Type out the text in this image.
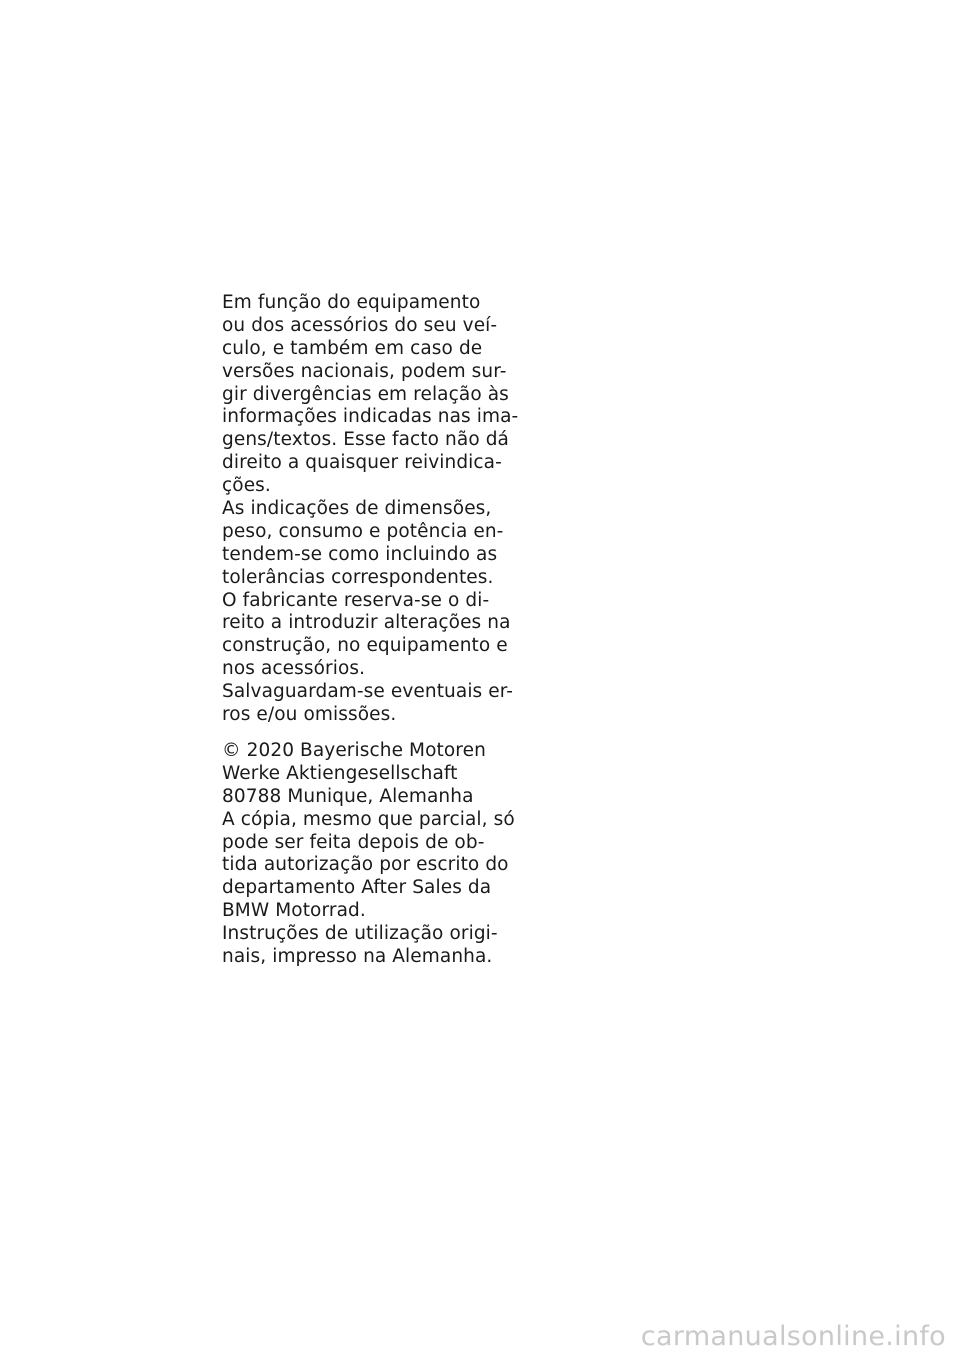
Em função do equipamento
ou dos acessórios do seu veí-
culo, e também em caso de
versões nacionais, podem sur-
gir divergências em relação às
informações indicadas nas ima-
gens/textos. Esse facto não dá
direito a quaisquer reivindica-
ções.
As indicações de dimensões,
peso, consumo e potência en-
tendem-se como incluindo as
tolerâncias correspondentes.
O fabricante reserva-se o di-
reito a introduzir alterações na
construção, no equipamento e
nos acessórios.
Salvaguardam-se eventuais er-
ros e/ou omissões.
© 2020 Bayerische Motoren
Werke Aktiengesellschaft
80788 Munique, Alemanha
A cópia, mesmo que parcial, só
pode ser feita depois de ob-
tida autorização por escrito do
departamento After Sales da
BMW Motorrad.
Instruções de utilização origi-
nais, impresso na Alemanha.
carmanualsonline.info
